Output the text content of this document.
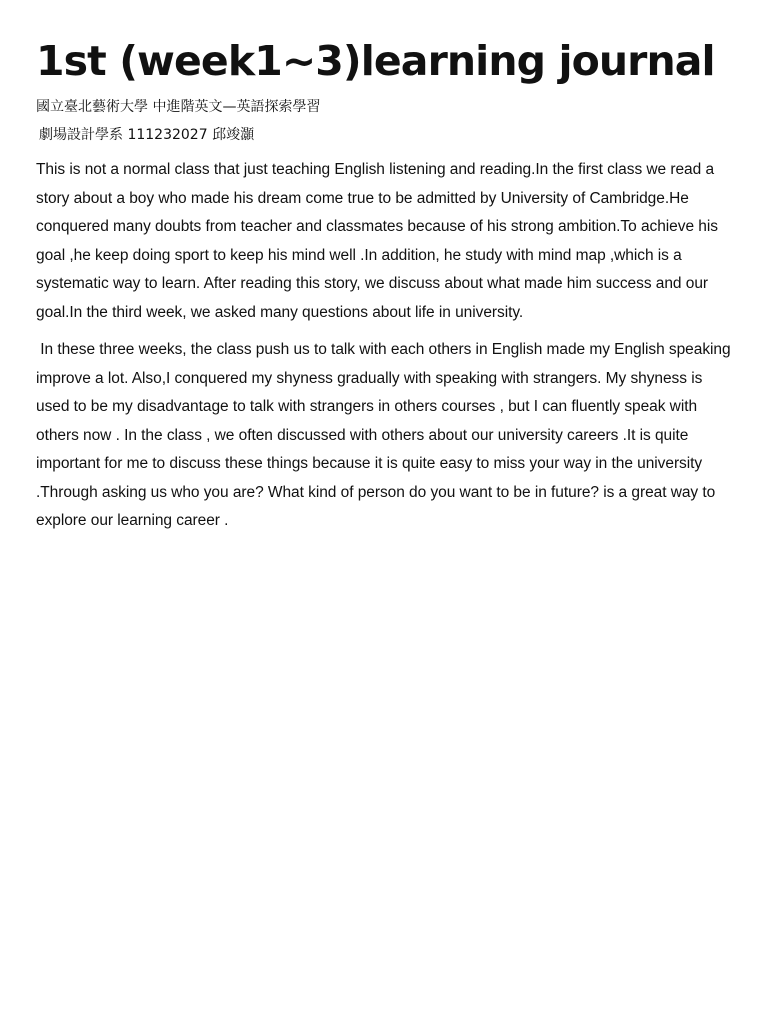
1st (week1~3)learning journal
國立臺北藝術大學 中進階英文—英語探索學習
劇場設計學系 111232027 邱竣灝

This is not a normal class that just teaching English listening and reading.In the first class we read a story about a boy who made his dream come true to be admitted by University of Cambridge.He conquered many doubts from teacher and classmates because of his strong ambition.To achieve his goal ,he keep doing sport to keep his mind well .In addition, he study with mind map ,which is a systematic way to learn. After reading this story, we discuss about what made him success and our goal.In the third week, we asked many questions about life in university.

In these three weeks, the class push us to talk with each others in English made my English speaking improve a lot. Also,I conquered my shyness gradually with speaking with strangers. My shyness is used to be my disadvantage to talk with strangers in others courses , but I can fluently speak with others now . In the class , we often discussed with others about our university careers .It is quite important for me to discuss these things because it is quite easy to miss your way in the university .Through asking us who you are? What kind of person do you want to be in future? is a great way to explore our learning career .
